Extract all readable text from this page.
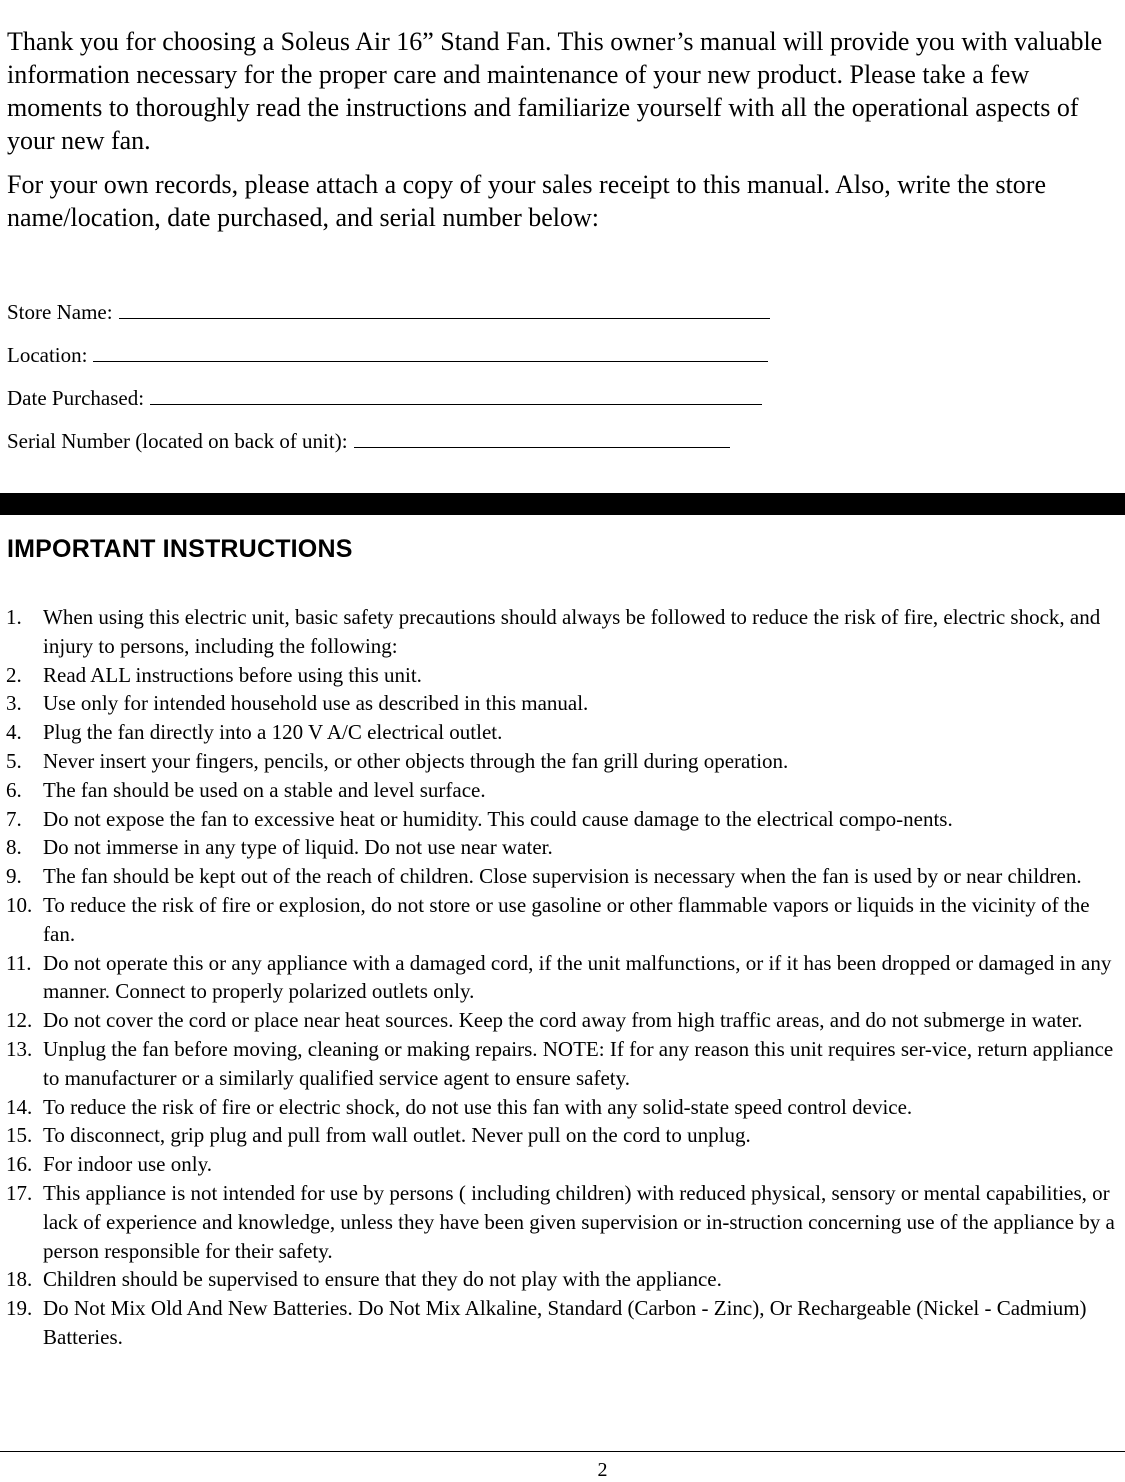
Thank you for choosing a Soleus Air 16” Stand Fan. This owner’s manual will provide you with valuable information necessary for the proper care and maintenance of your new product. Please take a few moments to thoroughly read the instructions and familiarize yourself with all the operational aspects of your new fan.

For your own records, please attach a copy of your sales receipt to this manual. Also, write the store name/location, date purchased, and serial number below:

Store Name:
Location:
Date Purchased:
Serial Number (located on back of unit):
IMPORTANT INSTRUCTIONS
1. When using this electric unit, basic safety precautions should always be followed to reduce the risk of fire, electric shock, and injury to persons, including the following:
2. Read ALL instructions before using this unit.
3. Use only for intended household use as described in this manual.
4. Plug the fan directly into a 120 V A/C electrical outlet.
5. Never insert your fingers, pencils, or other objects through the fan grill during operation.
6. The fan should be used on a stable and level surface.
7. Do not expose the fan to excessive heat or humidity. This could cause damage to the electrical compo-nents.
8. Do not immerse in any type of liquid. Do not use near water.
9. The fan should be kept out of the reach of children. Close supervision is necessary when the fan is used by or near children.
10. To reduce the risk of fire or explosion, do not store or use gasoline or other flammable vapors or liquids in the vicinity of the fan.
11. Do not operate this or any appliance with a damaged cord, if the unit malfunctions, or if it has been dropped or damaged in any manner. Connect to properly polarized outlets only.
12. Do not cover the cord or place near heat sources. Keep the cord away from high traffic areas, and do not submerge in water.
13. Unplug the fan before moving, cleaning or making repairs. NOTE: If for any reason this unit requires ser-vice, return appliance to manufacturer or a similarly qualified service agent to ensure safety.
14. To reduce the risk of fire or electric shock, do not use this fan with any solid-state speed control device.
15. To disconnect, grip plug and pull from wall outlet. Never pull on the cord to unplug.
16. For indoor use only.
17. This appliance is not intended for use by persons ( including children) with reduced physical, sensory or mental capabilities, or lack of experience and knowledge, unless they have been given supervision or in-struction concerning use of the appliance by a person responsible for their safety.
18. Children should be supervised to ensure that they do not play with the appliance.
19. Do Not Mix Old And New Batteries. Do Not Mix Alkaline, Standard (Carbon - Zinc), Or Rechargeable (Nickel - Cadmium) Batteries.
2
